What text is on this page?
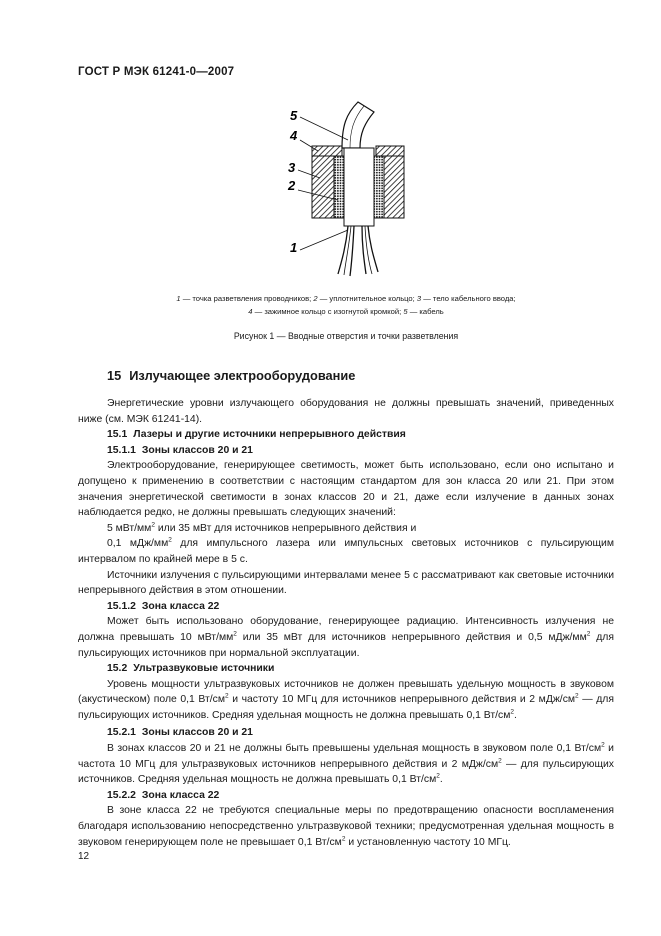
ГОСТ Р МЭК 61241-0—2007
5
4
3
2
1
1 — точка разветвления проводников; 2 — уплотнительное кольцо; 3 — тело кабельного ввода;
4 — зажимное кольцо с изогнутой кромкой; 5 — кабель
Рисунок 1 — Вводные отверстия и точки разветвления
15 Излучающее электрооборудование

Энергетические уровни излучающего оборудования не должны превышать значений, приведенных ниже (см. МЭК 61241-14).

15.1 Лазеры и другие источники непрерывного действия

15.1.1 Зоны классов 20 и 21

Электрооборудование, генерирующее светимость, может быть использовано, если оно испытано и допущено к применению в соответствии с настоящим стандартом для зон класса 20 или 21. При этом значения энергетической светимости в зонах классов 20 и 21, даже если излучение в данных зонах наблюдается редко, не должны превышать следующих значений:

5 мВт/$мм^2$ или 35 мВт для источников непрерывного действия и

0,1 мДж/$мм^2$ для импульсного лазера или импульсных световых источников с пульсирующим интервалом по крайней мере в 5 с.

Источники излучения с пульсирующими интервалами менее 5 с рассматривают как световые источники непрерывного действия в этом отношении.

15.1.2 Зона класса 22

Может быть использовано оборудование, генерирующее радиацию. Интенсивность излучения не должна превышать 10 мВт/$мм^2$ или 35 мВт для источников непрерывного действия и 0,5 мДж/$мм^2$ для пульсирующих источников при нормальной эксплуатации.

15.2 Ультразвуковые источники

Уровень мощности ультразвуковых источников не должен превышать удельную мощность в звуковом (акустическом) поле 0,1 $Вт/см^2$ и частоту 10 МГц для источников непрерывного действия и 2 мДж/$см^2$ — для пульсирующих источников. Средняя удельная мощность не должна превышать 0,1 $Вт/см^2$.

15.2.1 Зоны классов 20 и 21

В зонах классов 20 и 21 не должны быть превышены удельная мощность в звуковом поле 0,1 $Вт/см^2$ и частота 10 МГц для ультразвуковых источников непрерывного действия и 2 мДж/$см^2$ — для пульсирующих источников. Средняя удельная мощность не должна превышать 0,1 $Вт/см^2$.

15.2.2 Зона класса 22

В зоне класса 22 не требуются специальные меры по предотвращению опасности воспламенения благодаря использованию непосредственно ультразвуковой техники; предусмотренная удельная мощность в звуковом генерирующем поле не превышает 0,1 $Вт/см^2$ и установленную частоту 10 МГц.

12
